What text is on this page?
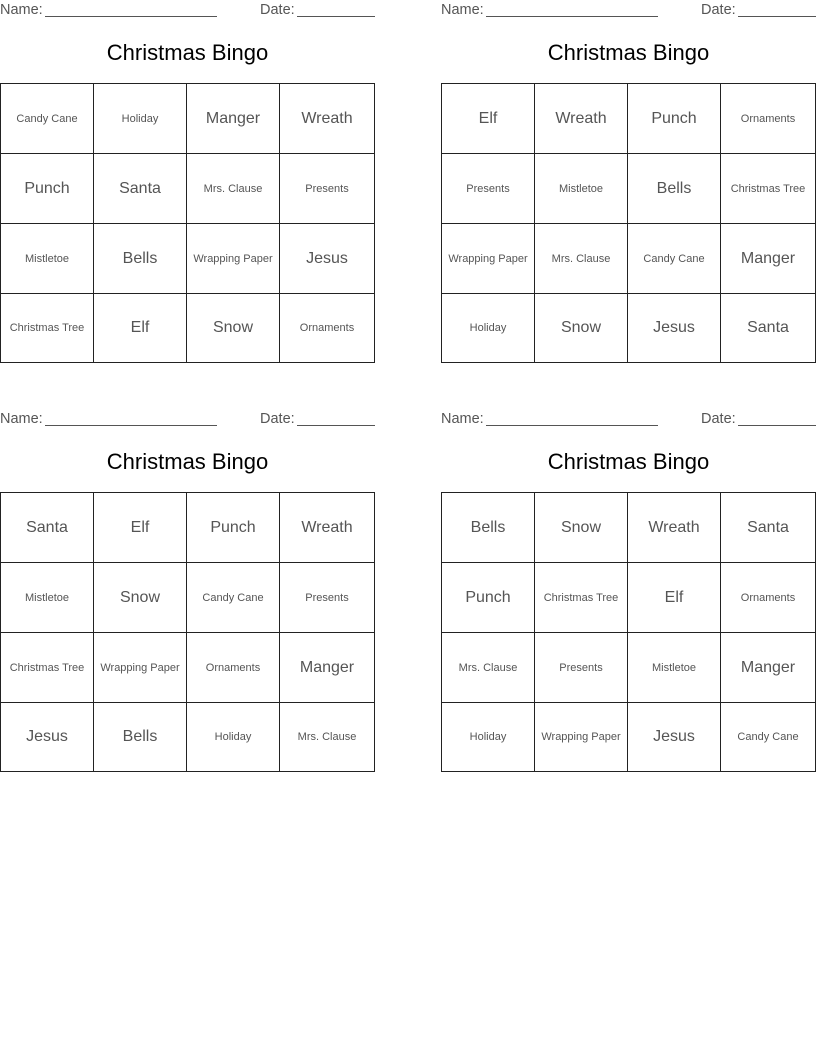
Name:	Date:
Christmas Bingo
Candy Cane	Holiday	Manger	Wreath
Punch	Santa	Mrs. Clause	Presents
Mistletoe	Bells	Wrapping Paper	Jesus
Christmas Tree	Elf	Snow	Ornaments
Name:	Date:
Christmas Bingo
Elf	Wreath	Punch	Ornaments
Presents	Mistletoe	Bells	Christmas Tree
Wrapping Paper	Mrs. Clause	Candy Cane	Manger
Holiday	Snow	Jesus	Santa
Name:	Date:
Christmas Bingo
Santa	Elf	Punch	Wreath
Mistletoe	Snow	Candy Cane	Presents
Christmas Tree	Wrapping Paper	Ornaments	Manger
Jesus	Bells	Holiday	Mrs. Clause
Name:	Date:
Christmas Bingo
Bells	Snow	Wreath	Santa
Punch	Christmas Tree	Elf	Ornaments
Mrs. Clause	Presents	Mistletoe	Manger
Holiday	Wrapping Paper	Jesus	Candy Cane
